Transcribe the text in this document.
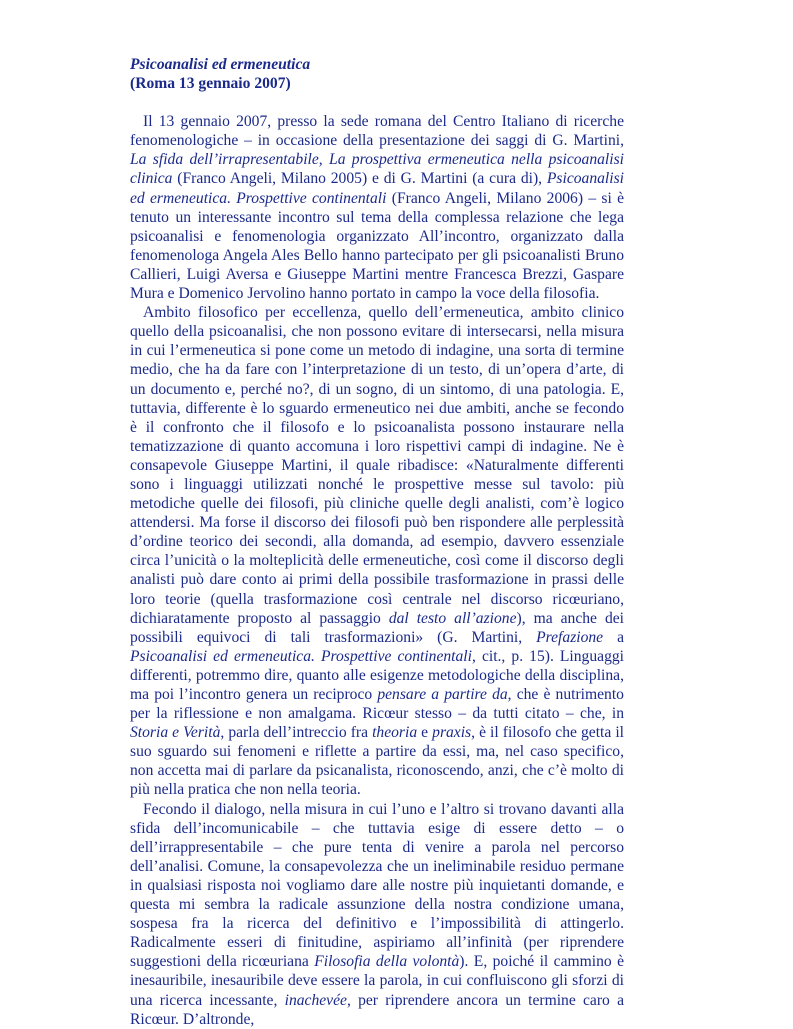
Psicoanalisi ed ermeneutica
(Roma 13 gennaio 2007)

Il 13 gennaio 2007, presso la sede romana del Centro Italiano di ricerche fenomenologiche – in occasione della presentazione dei saggi di G. Martini, La sfida dell’irrapresentabile, La prospettiva ermeneutica nella psicoanalisi clinica (Franco Angeli, Milano 2005) e di G. Martini (a cura di), Psicoanalisi ed ermeneutica. Prospettive continentali (Franco Angeli, Milano 2006) – si è tenuto un interessante incontro sul tema della complessa relazione che lega psicoanalisi e fenomenologia organizzato All’incontro, organizzato dalla fenomenologa Angela Ales Bello hanno partecipato per gli psicoanalisti Bruno Callieri, Luigi Aversa e Giuseppe Martini mentre Francesca Brezzi, Gaspare Mura e Domenico Jervolino hanno portato in campo la voce della filosofia.

Ambito filosofico per eccellenza, quello dell’ermeneutica, ambito clinico quello della psicoanalisi, che non possono evitare di intersecarsi, nella misura in cui l’ermeneutica si pone come un metodo di indagine, una sorta di termine medio, che ha da fare con l’interpretazione di un testo, di un’opera d’arte, di un documento e, perché no?, di un sogno, di un sintomo, di una patologia. E, tuttavia, differente è lo sguardo ermeneutico nei due ambiti, anche se fecondo è il confronto che il filosofo e lo psicoanalista possono instaurare nella tematizzazione di quanto accomuna i loro rispettivi campi di indagine. Ne è consapevole Giuseppe Martini, il quale ribadisce: «Naturalmente differenti sono i linguaggi utilizzati nonché le prospettive messe sul tavolo: più metodiche quelle dei filosofi, più cliniche quelle degli analisti, com’è logico attendersi. Ma forse il discorso dei filosofi può ben rispondere alle perplessità d’ordine teorico dei secondi, alla domanda, ad esempio, davvero essenziale circa l’unicità o la molteplicità delle ermeneutiche, così come il discorso degli analisti può dare conto ai primi della possibile trasformazione in prassi delle loro teorie (quella trasformazione così centrale nel discorso ricœuriano, dichiaratamente proposto al passaggio dal testo all’azione), ma anche dei possibili equivoci di tali trasformazioni» (G. Martini, Prefazione a Psicoanalisi ed ermeneutica. Prospettive continentali, cit., p. 15). Linguaggi differenti, potremmo dire, quanto alle esigenze metodologiche della disciplina, ma poi l’incontro genera un reciproco pensare a partire da, che è nutrimento per la riflessione e non amalgama. Ricœur stesso – da tutti citato – che, in Storia e Verità, parla dell’intreccio fra theoria e praxis, è il filosofo che getta il suo sguardo sui fenomeni e riflette a partire da essi, ma, nel caso specifico, non accetta mai di parlare da psicanalista, riconoscendo, anzi, che c’è molto di più nella pratica che non nella teoria.

Fecondo il dialogo, nella misura in cui l’uno e l’altro si trovano davanti alla sfida dell’incomunicabile – che tuttavia esige di essere detto – o dell’irrappresentabile – che pure tenta di venire a parola nel percorso dell’analisi. Comune, la consapevolezza che un ineliminabile residuo permane in qualsiasi risposta noi vogliamo dare alle nostre più inquietanti domande, e questa mi sembra la radicale assunzione della nostra condizione umana, sospesa fra la ricerca del definitivo e l’impossibilità di attingerlo. Radicalmente esseri di finitudine, aspiriamo all’infinità (per riprendere suggestioni della ricœuriana Filosofia della volontà). E, poiché il cammino è inesauribile, inesauribile deve essere la parola, in cui confluiscono gli sforzi di una ricerca incessante, inachevée, per riprendere ancora un termine caro a Ricœur. D’altronde,
